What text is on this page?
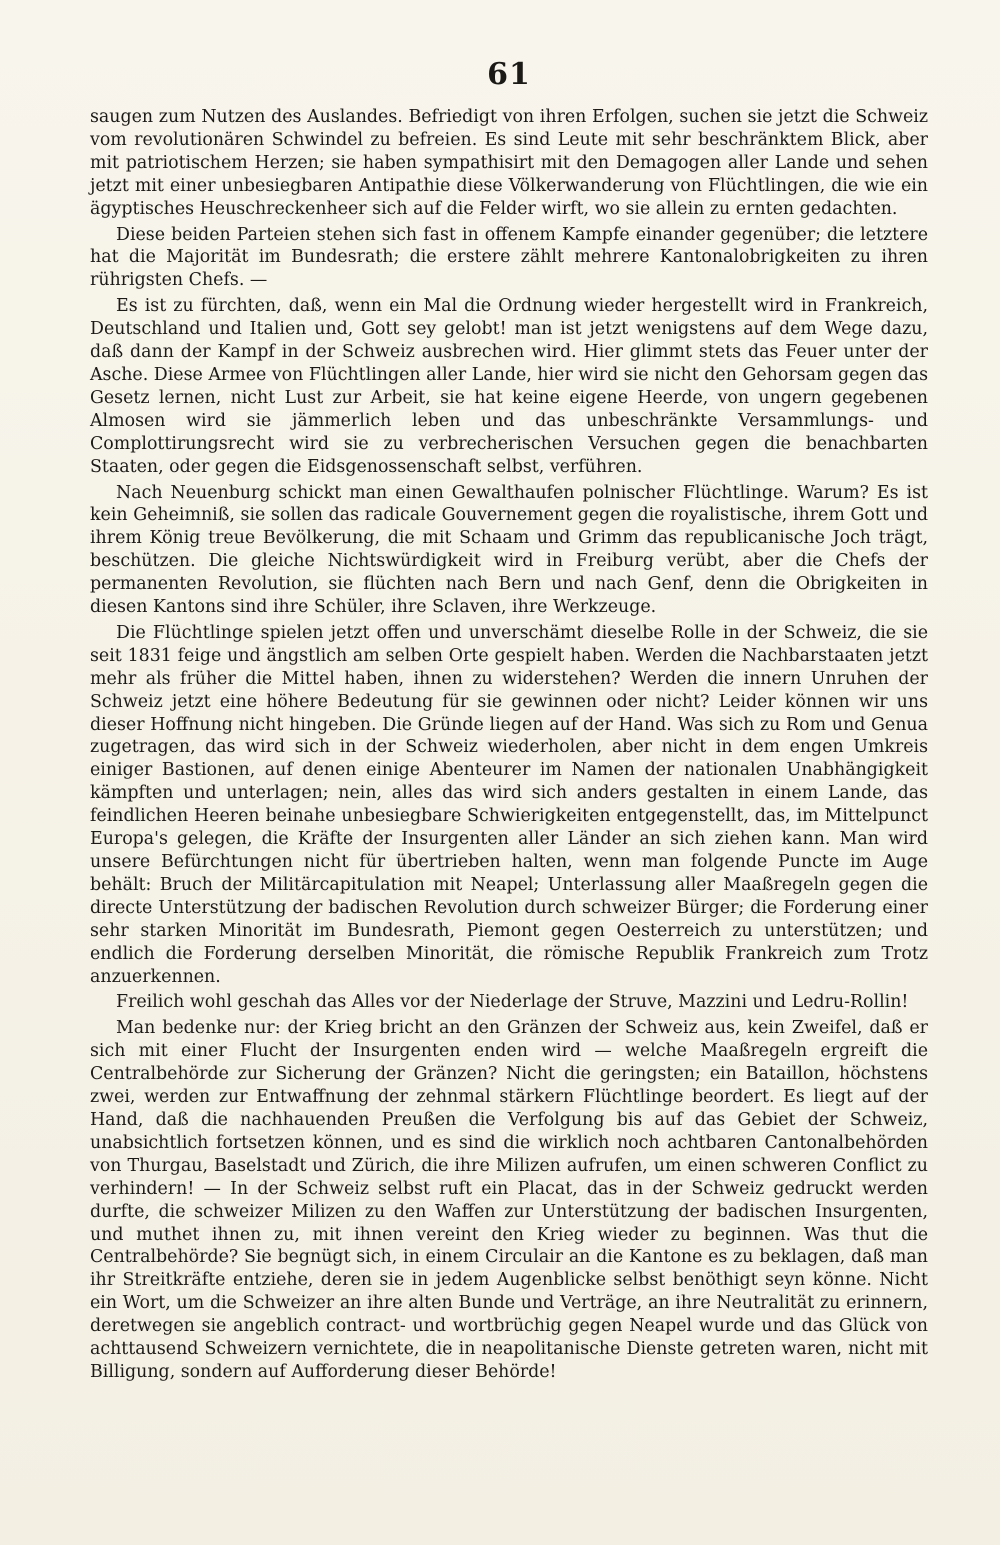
61

saugen zum Nutzen des Auslandes. Befriedigt von ihren Erfolgen, suchen sie jetzt die Schweiz vom revolutionären Schwindel zu befreien. Es sind Leute mit sehr beschränktem Blick, aber mit patriotischem Herzen; sie haben sympathisirt mit den Demagogen aller Lande und sehen jetzt mit einer unbesiegbaren Antipathie diese Völkerwanderung von Flüchtlingen, die wie ein ägyptisches Heuschreckenheer sich auf die Felder wirft, wo sie allein zu ernten gedachten.

Diese beiden Parteien stehen sich fast in offenem Kampfe einander gegenüber; die letztere hat die Majorität im Bundesrath; die erstere zählt mehrere Kantonalobrigkeiten zu ihren rührigsten Chefs. —

Es ist zu fürchten, daß, wenn ein Mal die Ordnung wieder hergestellt wird in Frankreich, Deutschland und Italien und, Gott sey gelobt! man ist jetzt wenigstens auf dem Wege dazu, daß dann der Kampf in der Schweiz ausbrechen wird. Hier glimmt stets das Feuer unter der Asche. Diese Armee von Flüchtlingen aller Lande, hier wird sie nicht den Gehorsam gegen das Gesetz lernen, nicht Lust zur Arbeit, sie hat keine eigene Heerde, von ungern gegebenen Almosen wird sie jämmerlich leben und das unbeschränkte Versammlungs- und Complottirungsrecht wird sie zu verbrecherischen Versuchen gegen die benachbarten Staaten, oder gegen die Eidsgenossenschaft selbst, verführen.

Nach Neuenburg schickt man einen Gewalthaufen polnischer Flüchtlinge. Warum? Es ist kein Geheimniß, sie sollen das radicale Gouvernement gegen die royalistische, ihrem Gott und ihrem König treue Bevölkerung, die mit Schaam und Grimm das republicanische Joch trägt, beschützen. Die gleiche Nichtswürdigkeit wird in Freiburg verübt, aber die Chefs der permanenten Revolution, sie flüchten nach Bern und nach Genf, denn die Obrigkeiten in diesen Kantons sind ihre Schüler, ihre Sclaven, ihre Werkzeuge.

Die Flüchtlinge spielen jetzt offen und unverschämt dieselbe Rolle in der Schweiz, die sie seit 1831 feige und ängstlich am selben Orte gespielt haben. Werden die Nachbarstaaten jetzt mehr als früher die Mittel haben, ihnen zu widerstehen? Werden die innern Unruhen der Schweiz jetzt eine höhere Bedeutung für sie gewinnen oder nicht? Leider können wir uns dieser Hoffnung nicht hingeben. Die Gründe liegen auf der Hand. Was sich zu Rom und Genua zugetragen, das wird sich in der Schweiz wiederholen, aber nicht in dem engen Umkreis einiger Bastionen, auf denen einige Abenteurer im Namen der nationalen Unabhängigkeit kämpften und unterlagen; nein, alles das wird sich anders gestalten in einem Lande, das feindlichen Heeren beinahe unbesiegbare Schwierigkeiten entgegenstellt, das, im Mittelpunct Europa's gelegen, die Kräfte der Insurgenten aller Länder an sich ziehen kann. Man wird unsere Befürchtungen nicht für übertrieben halten, wenn man folgende Puncte im Auge behält: Bruch der Militärcapitulation mit Neapel; Unterlassung aller Maaßregeln gegen die directe Unterstützung der badischen Revolution durch schweizer Bürger; die Forderung einer sehr starken Minorität im Bundesrath, Piemont gegen Oesterreich zu unterstützen; und endlich die Forderung derselben Minorität, die römische Republik Frankreich zum Trotz anzuerkennen.

Freilich wohl geschah das Alles vor der Niederlage der Struve, Mazzini und Ledru-Rollin!

Man bedenke nur: der Krieg bricht an den Gränzen der Schweiz aus, kein Zweifel, daß er sich mit einer Flucht der Insurgenten enden wird — welche Maaßregeln ergreift die Centralbehörde zur Sicherung der Gränzen? Nicht die geringsten; ein Bataillon, höchstens zwei, werden zur Entwaffnung der zehnmal stärkern Flüchtlinge beordert. Es liegt auf der Hand, daß die nachhauenden Preußen die Verfolgung bis auf das Gebiet der Schweiz, unabsichtlich fortsetzen können, und es sind die wirklich noch achtbaren Cantonalbehörden von Thurgau, Baselstadt und Zürich, die ihre Milizen aufrufen, um einen schweren Conflict zu verhindern! — In der Schweiz selbst ruft ein Placat, das in der Schweiz gedruckt werden durfte, die schweizer Milizen zu den Waffen zur Unterstützung der badischen Insurgenten, und muthet ihnen zu, mit ihnen vereint den Krieg wieder zu beginnen. Was thut die Centralbehörde? Sie begnügt sich, in einem Circulair an die Kantone es zu beklagen, daß man ihr Streitkräfte entziehe, deren sie in jedem Augenblicke selbst benöthigt seyn könne. Nicht ein Wort, um die Schweizer an ihre alten Bunde und Verträge, an ihre Neutralität zu erinnern, deretwegen sie angeblich contract- und wortbrüchig gegen Neapel wurde und das Glück von achttausend Schweizern vernichtete, die in neapolitanische Dienste getreten waren, nicht mit Billigung, sondern auf Aufforderung dieser Behörde!
